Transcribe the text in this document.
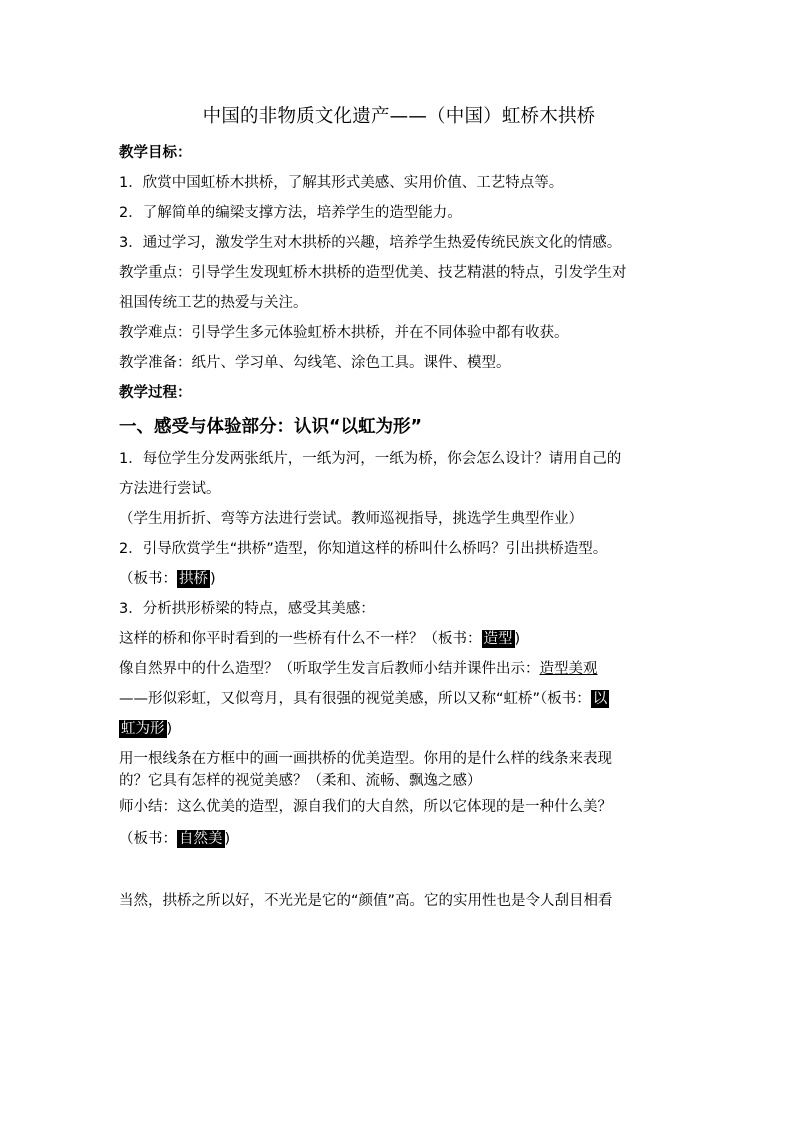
中国的非物质文化遗产——（中国）虹桥木拱桥
教学目标：

1．欣赏中国虹桥木拱桥，了解其形式美感、实用价值、工艺特点等。

2．了解简单的编梁支撑方法，培养学生的造型能力。

3．通过学习，激发学生对木拱桥的兴趣，培养学生热爱传统民族文化的情感。

教学重点：引导学生发现虹桥木拱桥的造型优美、技艺精湛的特点，引发学生对

祖国传统工艺的热爱与关注。

教学难点：引导学生多元体验虹桥木拱桥，并在不同体验中都有收获。

教学准备：纸片、学习单、勾线笔、涂色工具。课件、模型。

教学过程：
一、感受与体验部分：认识“以虹为形”

1．每位学生分发两张纸片，一纸为河，一纸为桥，你会怎么设计？请用自己的

方法进行尝试。

（学生用折折、弯等方法进行尝试。教师巡视指导，挑选学生典型作业）

2．引导欣赏学生“拱桥”造型，你知道这样的桥叫什么桥吗？引出拱桥造型。

（板书： 拱桥 )

3．分析拱形桥梁的特点，感受其美感：

这样的桥和你平时看到的一些桥有什么不一样？（板书： 造型 )

像自然界中的什么造型？（听取学生发言后教师小结并课件出示：造型美观

——形似彩虹，又似弯月，具有很强的视觉美感，所以又称“虹桥”（板书： 以

虹为形 )

用一根线条在方框中的画一画拱桥的优美造型。你用的是什么样的线条来表现

的？它具有怎样的视觉美感？（柔和、流畅、飘逸之感）

师小结：这么优美的造型，源自我们的大自然，所以它体现的是一种什么美？

（板书： 自然美 )

当然，拱桥之所以好，不光光是它的“颜值”高。它的实用性也是令人刮目相看
